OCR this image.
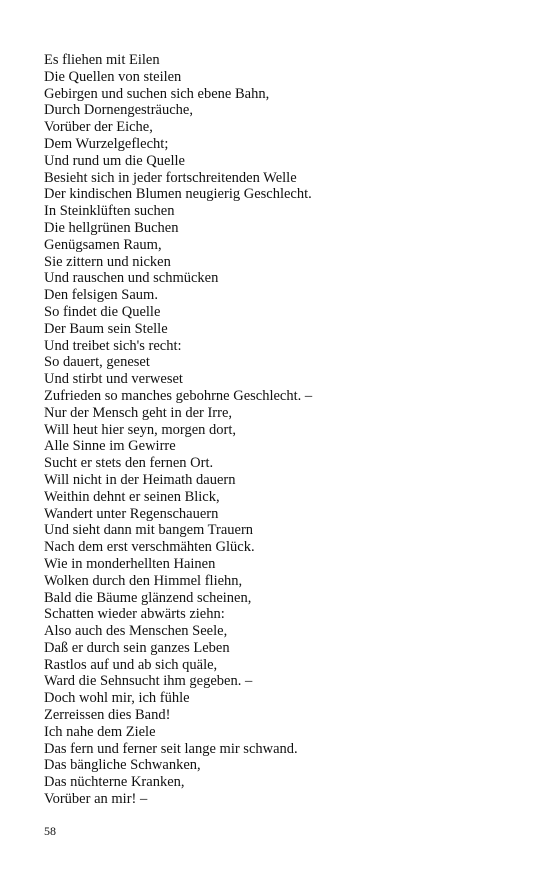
Es fliehen mit Eilen
Die Quellen von steilen
Gebirgen und suchen sich ebene Bahn,
Durch Dornengesträuche,
Vorüber der Eiche,
Dem Wurzelgeflecht;
Und rund um die Quelle
Besieht sich in jeder fortschreitenden Welle
Der kindischen Blumen neugierig Geschlecht.
In Steinklüften suchen
Die hellgrünen Buchen
Genügsamen Raum,
Sie zittern und nicken
Und rauschen und schmücken
Den felsigen Saum.
So findet die Quelle
Der Baum sein Stelle
Und treibet sich's recht:
So dauert, geneset
Und stirbt und verweset
Zufrieden so manches gebohrne Geschlecht. –
Nur der Mensch geht in der Irre,
Will heut hier seyn, morgen dort,
Alle Sinne im Gewirre
Sucht er stets den fernen Ort.
Will nicht in der Heimath dauern
Weithin dehnt er seinen Blick,
Wandert unter Regenschauern
Und sieht dann mit bangem Trauern
Nach dem erst verschmähten Glück.
Wie in monderhellten Hainen
Wolken durch den Himmel fliehn,
Bald die Bäume glänzend scheinen,
Schatten wieder abwärts ziehn:
Also auch des Menschen Seele,
Daß er durch sein ganzes Leben
Rastlos auf und ab sich quäle,
Ward die Sehnsucht ihm gegeben. –
Doch wohl mir, ich fühle
Zerreissen dies Band!
Ich nahe dem Ziele
Das fern und ferner seit lange mir schwand.
Das bängliche Schwanken,
Das nüchterne Kranken,
Vorüber an mir! –
58
